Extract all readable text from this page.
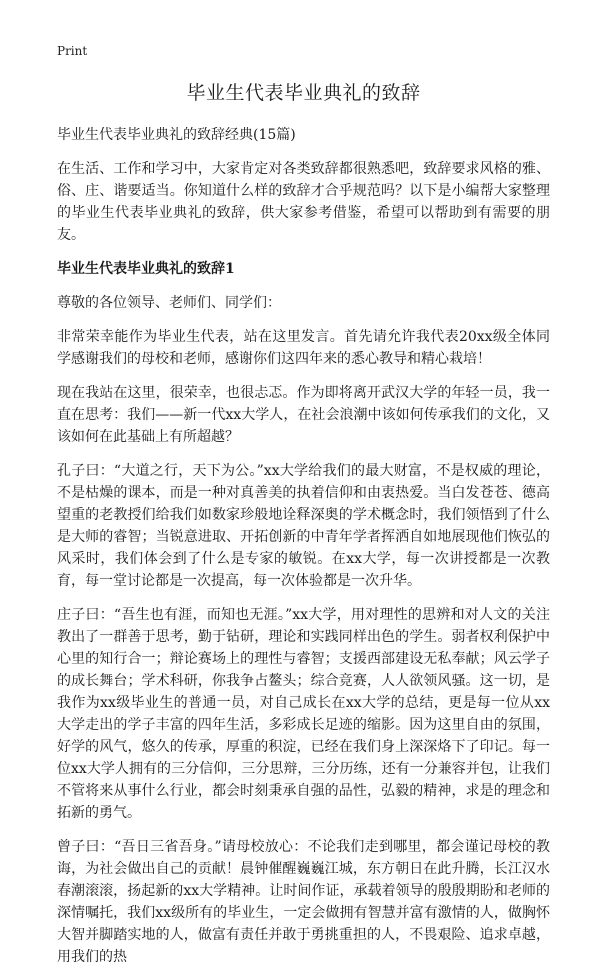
Print
毕业生代表毕业典礼的致辞
毕业生代表毕业典礼的致辞经典(15篇)

在生活、工作和学习中，大家肯定对各类致辞都很熟悉吧，致辞要求风格的雅、俗、庄、谐要适当。你知道什么样的致辞才合乎规范吗？以下是小编帮大家整理的毕业生代表毕业典礼的致辞，供大家参考借鉴，希望可以帮助到有需要的朋友。

毕业生代表毕业典礼的致辞1

尊敬的各位领导、老师们、同学们：

非常荣幸能作为毕业生代表，站在这里发言。首先请允许我代表20xx级全体同学感谢我们的母校和老师，感谢你们这四年来的悉心教导和精心栽培！

现在我站在这里，很荣幸，也很忐忑。作为即将离开武汉大学的年轻一员，我一直在思考：我们——新一代xx大学人，在社会浪潮中该如何传承我们的文化，又该如何在此基础上有所超越？

孔子曰：“大道之行，天下为公。”xx大学给我们的最大财富，不是权威的理论，不是枯燥的课本，而是一种对真善美的执着信仰和由衷热爱。当白发苍苍、德高望重的老教授们给我们如数家珍般地诠释深奥的学术概念时，我们领悟到了什么是大师的睿智；当锐意进取、开拓创新的中青年学者挥洒自如地展现他们恢弘的风采时，我们体会到了什么是专家的敏锐。在xx大学，每一次讲授都是一次教育，每一堂讨论都是一次提高，每一次体验都是一次升华。

庄子曰：“吾生也有涯，而知也无涯。”xx大学，用对理性的思辨和对人文的关注教出了一群善于思考，勤于钻研，理论和实践同样出色的学生。弱者权利保护中心里的知行合一；辩论赛场上的理性与睿智；支援西部建设无私奉献；风云学子的成长舞台；学术科研，你我争占鳌头；综合竞赛，人人欲领风骚。这一切，是我作为xx级毕业生的普通一员，对自己成长在xx大学的总结，更是每一位从xx大学走出的学子丰富的四年生活，多彩成长足迹的缩影。因为这里自由的氛围，好学的风气，悠久的传承，厚重的积淀，已经在我们身上深深烙下了印记。每一位xx大学人拥有的三分信仰，三分思辩，三分历练，还有一分兼容并包，让我们不管将来从事什么行业，都会时刻秉承自强的品性，弘毅的精神，求是的理念和拓新的勇气。

曾子曰：“吾日三省吾身。”请母校放心：不论我们走到哪里，都会谨记母校的教诲，为社会做出自己的贡献！晨钟催醒巍巍江城，东方朝日在此升腾，长江汉水春潮滚滚，扬起新的xx大学精神。让时间作证，承载着领导的殷殷期盼和老师的深情嘱托，我们xx级所有的毕业生，一定会做拥有智慧并富有激情的人，做胸怀大智并脚踏实地的人，做富有责任并敢于勇挑重担的人，不畏艰险、追求卓越，用我们的热
